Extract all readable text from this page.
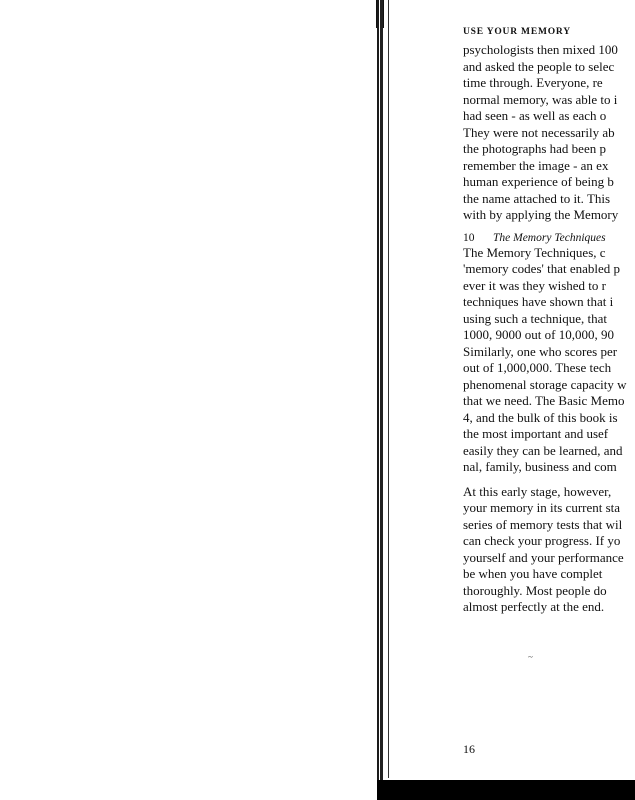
USE YOUR MEMORY
psychologists then mixed 100
and asked the people to selec
time through. Everyone, re
normal memory, was able to i
had seen - as well as each o
They were not necessarily ab
the photographs had been p
remember the image - an ex
human experience of being b
the name attached to it. This
with by applying the Memory
10 The Memory Techniques
The Memory Techniques, c
'memory codes' that enabled p
ever it was they wished to r
techniques have shown that i
using such a technique, that
1000, 9000 out of 10,000, 90
Similarly, one who scores per
out of 1,000,000. These tech
phenomenal storage capacity w
that we need. The Basic Memo
4, and the bulk of this book is
the most important and usef
easily they can be learned, and
nal, family, business and com
At this early stage, however,
your memory in its current sta
series of memory tests that wil
can check your progress. If yo
yourself and your performance
be when you have complet
thoroughly. Most people do
almost perfectly at the end.
~
16
